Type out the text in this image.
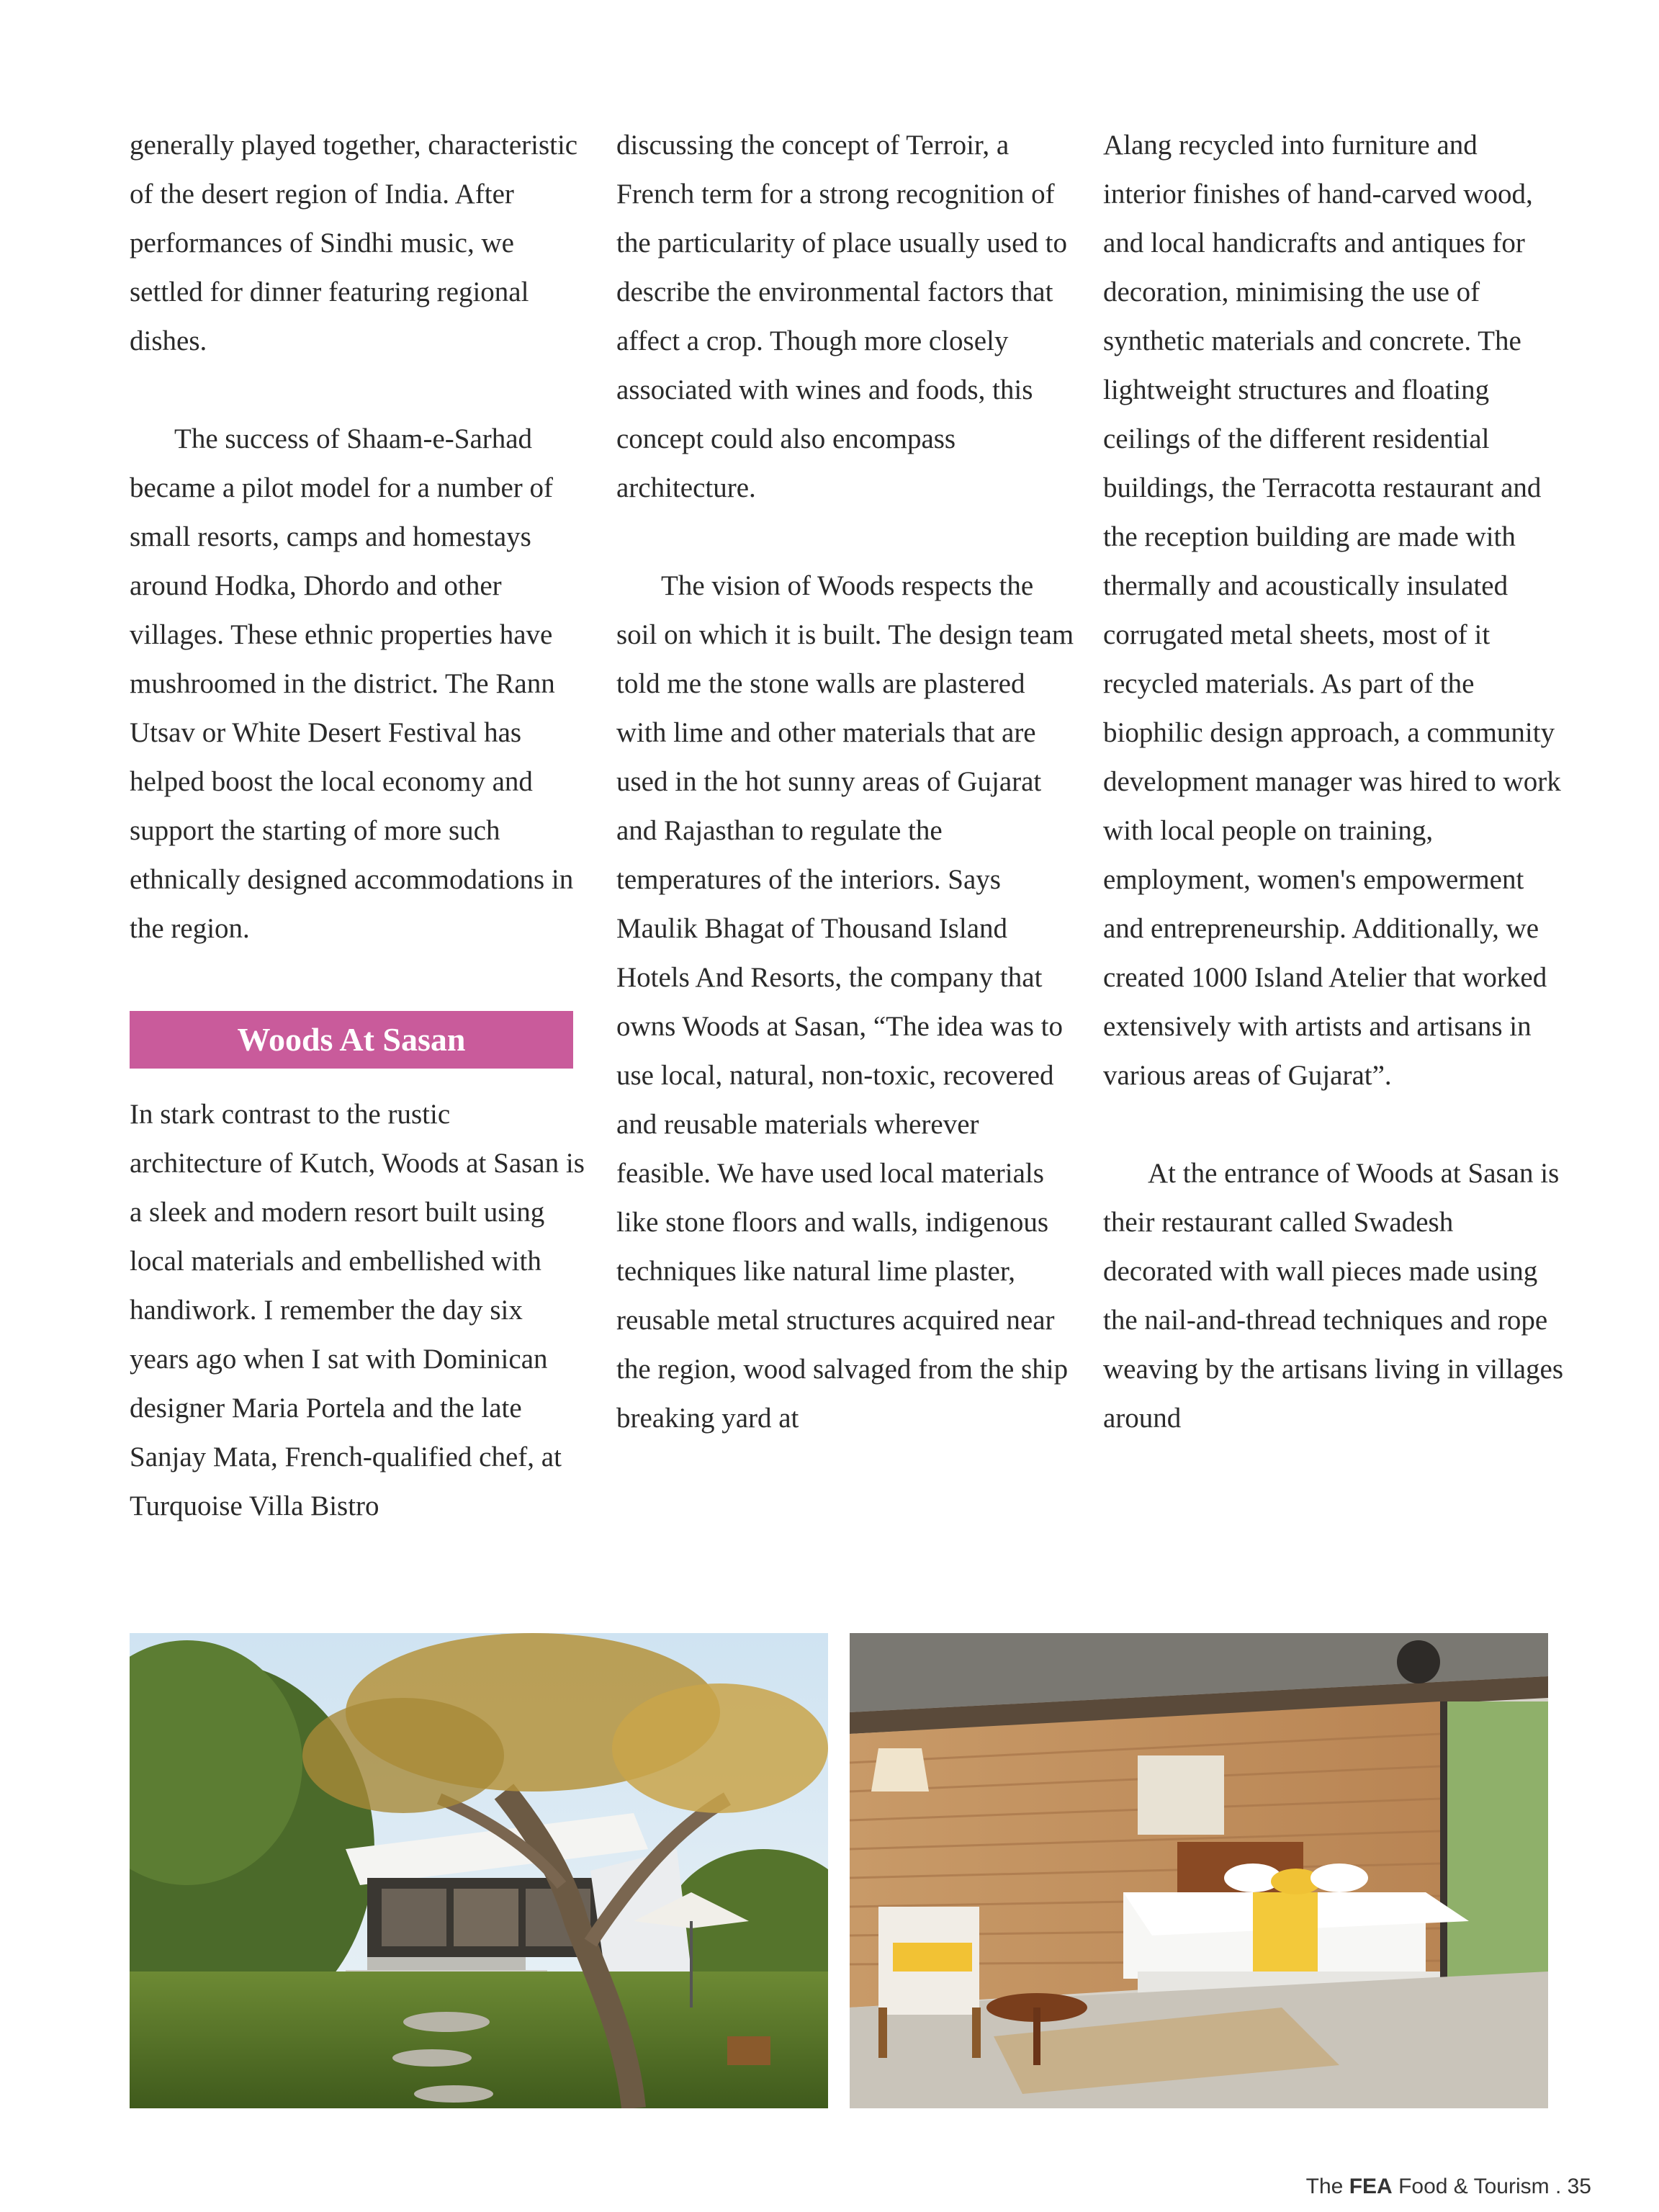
generally played together, characteristic of the desert region of India. After performances of Sindhi music, we settled for dinner featuring regional dishes.

The success of Shaam-e-Sarhad became a pilot model for a number of small resorts, camps and homestays around Hodka, Dhordo and other villages. These ethnic properties have mushroomed in the district. The Rann Utsav or White Desert Festival has helped boost the local economy and support the starting of more such ethnically designed accommodations in the region.

Woods At Sasan

In stark contrast to the rustic architecture of Kutch, Woods at Sasan is a sleek and modern resort built using local materials and embellished with handiwork. I remember the day six years ago when I sat with Dominican designer Maria Portela and the late Sanjay Mata, French-qualified chef, at Turquoise Villa Bistro

discussing the concept of Terroir, a French term for a strong recognition of the particularity of place usually used to describe the environmental factors that affect a crop. Though more closely associated with wines and foods, this concept could also encompass architecture.

The vision of Woods respects the soil on which it is built. The design team told me the stone walls are plastered with lime and other materials that are used in the hot sunny areas of Gujarat and Rajasthan to regulate the temperatures of the interiors. Says Maulik Bhagat of Thousand Island Hotels And Resorts, the company that owns Woods at Sasan, “The idea was to use local, natural, non-toxic, recovered and reusable materials wherever feasible. We have used local materials like stone floors and walls, indigenous techniques like natural lime plaster, reusable metal structures acquired near the region, wood salvaged from the ship breaking yard at

Alang recycled into furniture and interior finishes of hand-carved wood, and local handicrafts and antiques for decoration, minimising the use of synthetic materials and concrete. The lightweight structures and floating ceilings of the different residential buildings, the Terracotta restaurant and the reception building are made with thermally and acoustically insulated corrugated metal sheets, most of it recycled materials. As part of the biophilic design approach, a community development manager was hired to work with local people on training, employment, women's empowerment and entrepreneurship. Additionally, we created 1000 Island Atelier that worked extensively with artists and artisans in various areas of Gujarat”.

At the entrance of Woods at Sasan is their restaurant called Swadesh decorated with wall pieces made using the nail-and-thread techniques and rope weaving by the artisans living in villages around

The FEA Food & Tourism . 35
